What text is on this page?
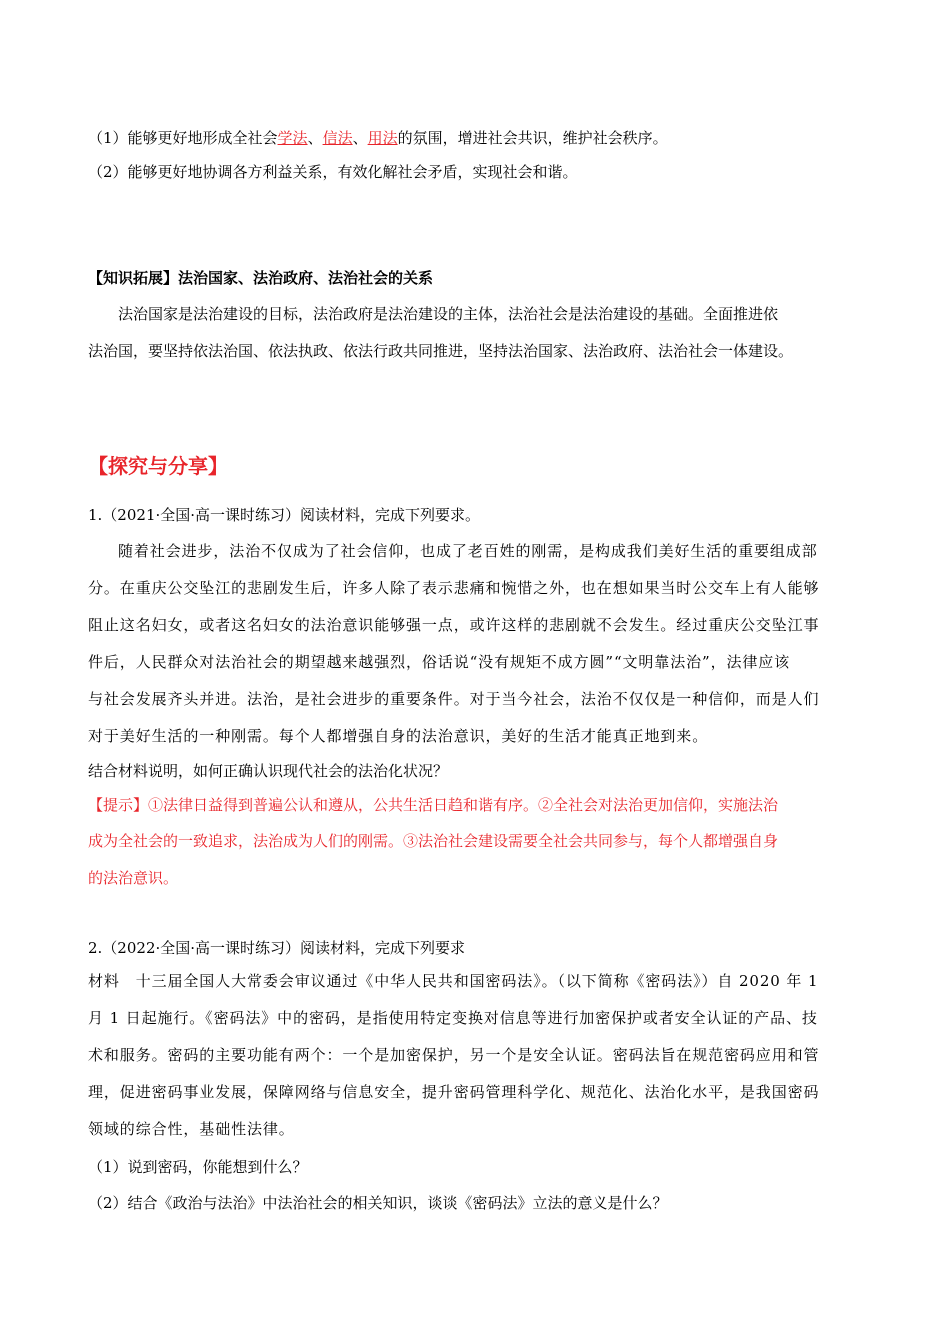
（1）能够更好地形成全社会学法、信法、用法的氛围，增进社会共识，维护社会秩序。
（2）能够更好地协调各方利益关系，有效化解社会矛盾，实现社会和谐。
【知识拓展】法治国家、法治政府、法治社会的关系
法治国家是法治建设的目标，法治政府是法治建设的主体，法治社会是法治建设的基础。全面推进依
法治国，要坚持依法治国、依法执政、依法行政共同推进，坚持法治国家、法治政府、法治社会一体建设。
【探究与分享】
1.（2021·全国·高一课时练习）阅读材料，完成下列要求。
随着社会进步，法治不仅成为了社会信仰，也成了老百姓的刚需，是构成我们美好生活的重要组成部
分。在重庆公交坠江的悲剧发生后，许多人除了表示悲痛和惋惜之外，也在想如果当时公交车上有人能够
阻止这名妇女，或者这名妇女的法治意识能够强一点，或许这样的悲剧就不会发生。经过重庆公交坠江事
件后，人民群众对法治社会的期望越来越强烈，俗话说“没有规矩不成方圆”“文明靠法治”，法律应该
与社会发展齐头并进。法治，是社会进步的重要条件。对于当今社会，法治不仅仅是一种信仰，而是人们
对于美好生活的一种刚需。每个人都增强自身的法治意识，美好的生活才能真正地到来。
结合材料说明，如何正确认识现代社会的法治化状况？
【提示】①法律日益得到普遍公认和遵从，公共生活日趋和谐有序。②全社会对法治更加信仰，实施法治
成为全社会的一致追求，法治成为人们的刚需。③法治社会建设需要全社会共同参与，每个人都增强自身
的法治意识。
2.（2022·全国·高一课时练习）阅读材料，完成下列要求
材料　十三届全国人大常委会审议通过《中华人民共和国密码法》。（以下简称《密码法》）自 2020 年 1
月 1 日起施行。《密码法》中的密码，是指使用特定变换对信息等进行加密保护或者安全认证的产品、技
术和服务。密码的主要功能有两个：一个是加密保护，另一个是安全认证。密码法旨在规范密码应用和管
理，促进密码事业发展，保障网络与信息安全，提升密码管理科学化、规范化、法治化水平，是我国密码
领域的综合性，基础性法律。
（1）说到密码，你能想到什么？
（2）结合《政治与法治》中法治社会的相关知识，谈谈《密码法》立法的意义是什么？
